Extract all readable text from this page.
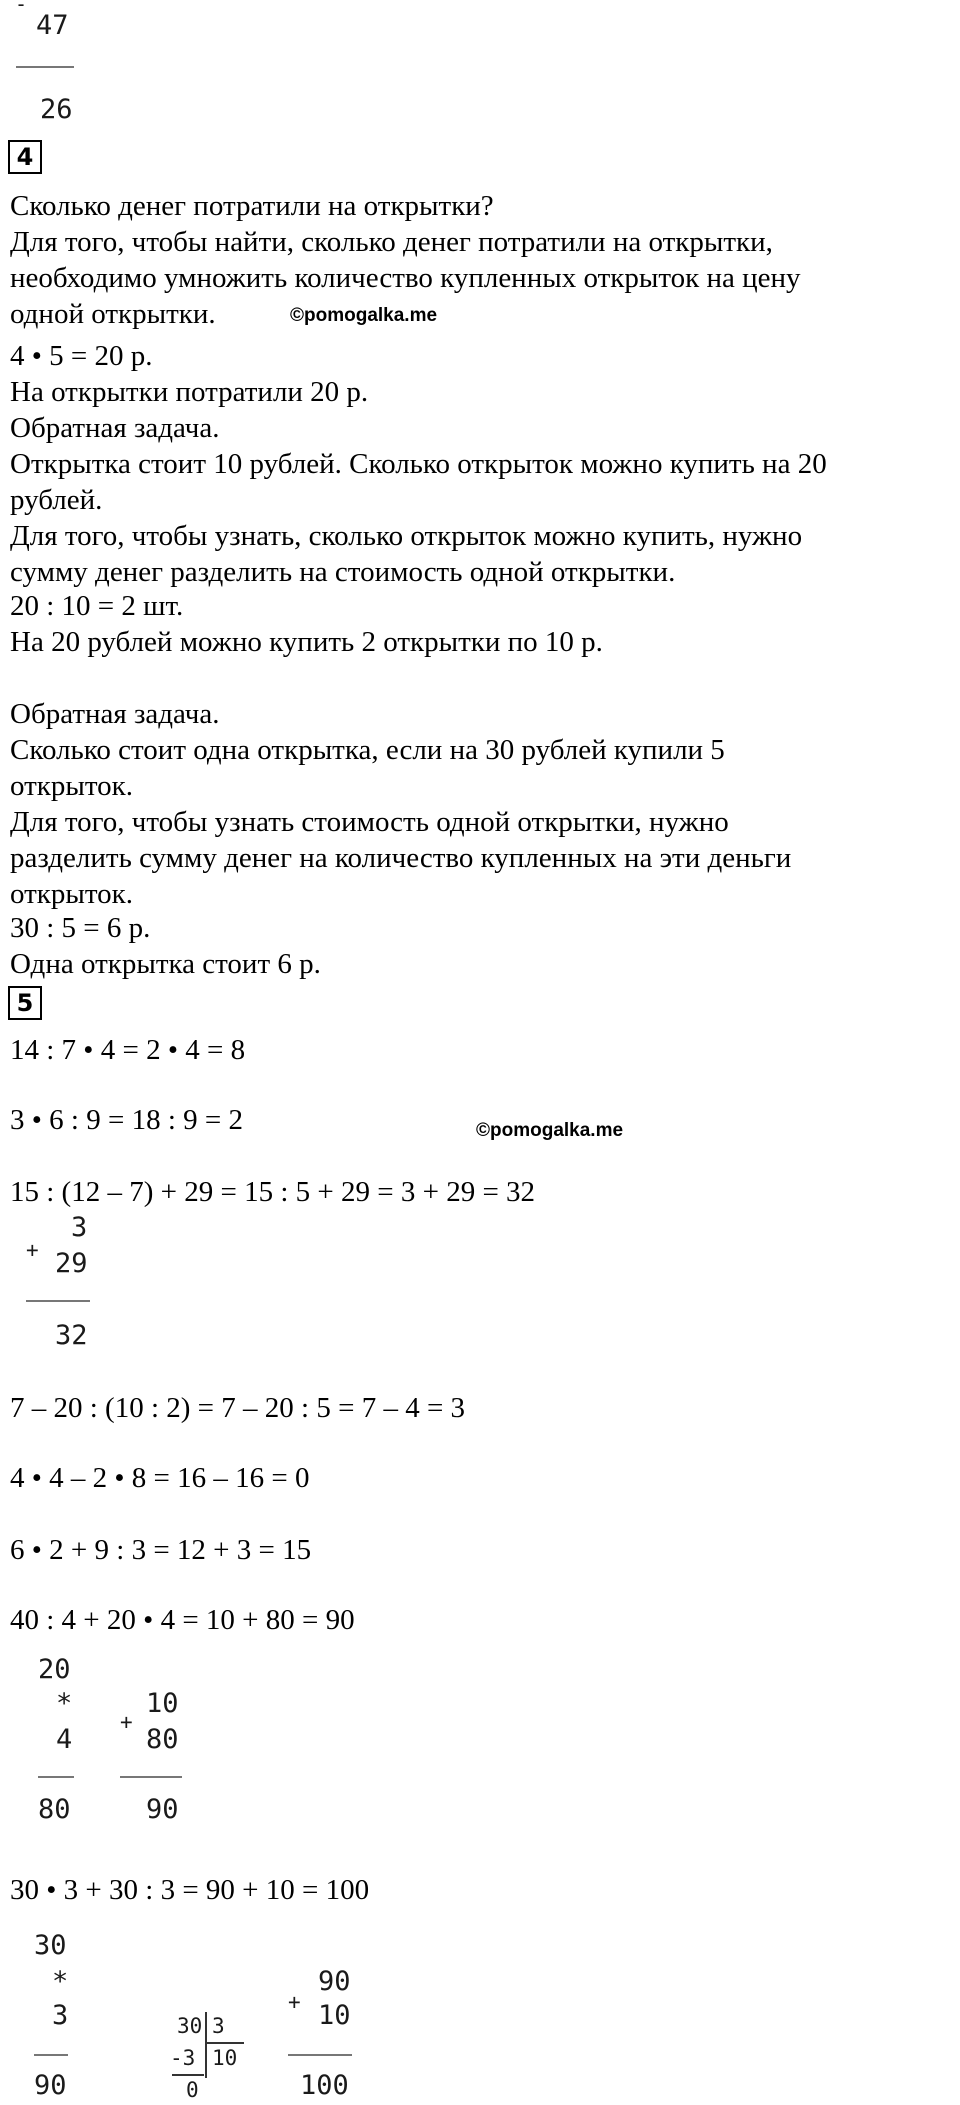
-
47
26
4
Сколько денег потратили на открытки?
Для того, чтобы найти, сколько денег потратили на открытки,
необходимо умножить количество купленных открыток на цену
одной открытки.	©pomogalka.me
4 • 5 = 20 р.
На открытки потратили 20 р.
Обратная задача.
Открытка стоит 10 рублей. Сколько открыток можно купить на 20
рублей.
Для того, чтобы узнать, сколько открыток можно купить, нужно
сумму денег разделить на стоимость одной открытки.
20 : 10 = 2 шт.
На 20 рублей можно купить 2 открытки по 10 р.
Обратная задача.
Сколько стоит одна открытка, если на 30 рублей купили 5
открыток.
Для того, чтобы узнать стоимость одной открытки, нужно
разделить сумму денег на количество купленных на эти деньги
открыток.
30 : 5 = 6 р.
Одна открытка стоит 6 р.
5
14 : 7 • 4 = 2 • 4 = 8
3 • 6 : 9 = 18 : 9 = 2	©pomogalka.me
15 : (12 – 7) + 29 = 15 : 5 + 29 = 3 + 29 = 32
+
3
29
32
7 – 20 : (10 : 2) = 7 – 20 : 5 = 7 – 4 = 3
4 • 4 – 2 • 8 = 16 – 16 = 0
6 • 2 + 9 : 3 = 12 + 3 = 15
40 : 4 + 20 • 4 = 10 + 80 = 90
20
*
4
80
+
10
80
90
30 • 3 + 30 : 3 = 90 + 10 = 100
30
*
3
90
30 3
-3 10
0
+
90
10
100
